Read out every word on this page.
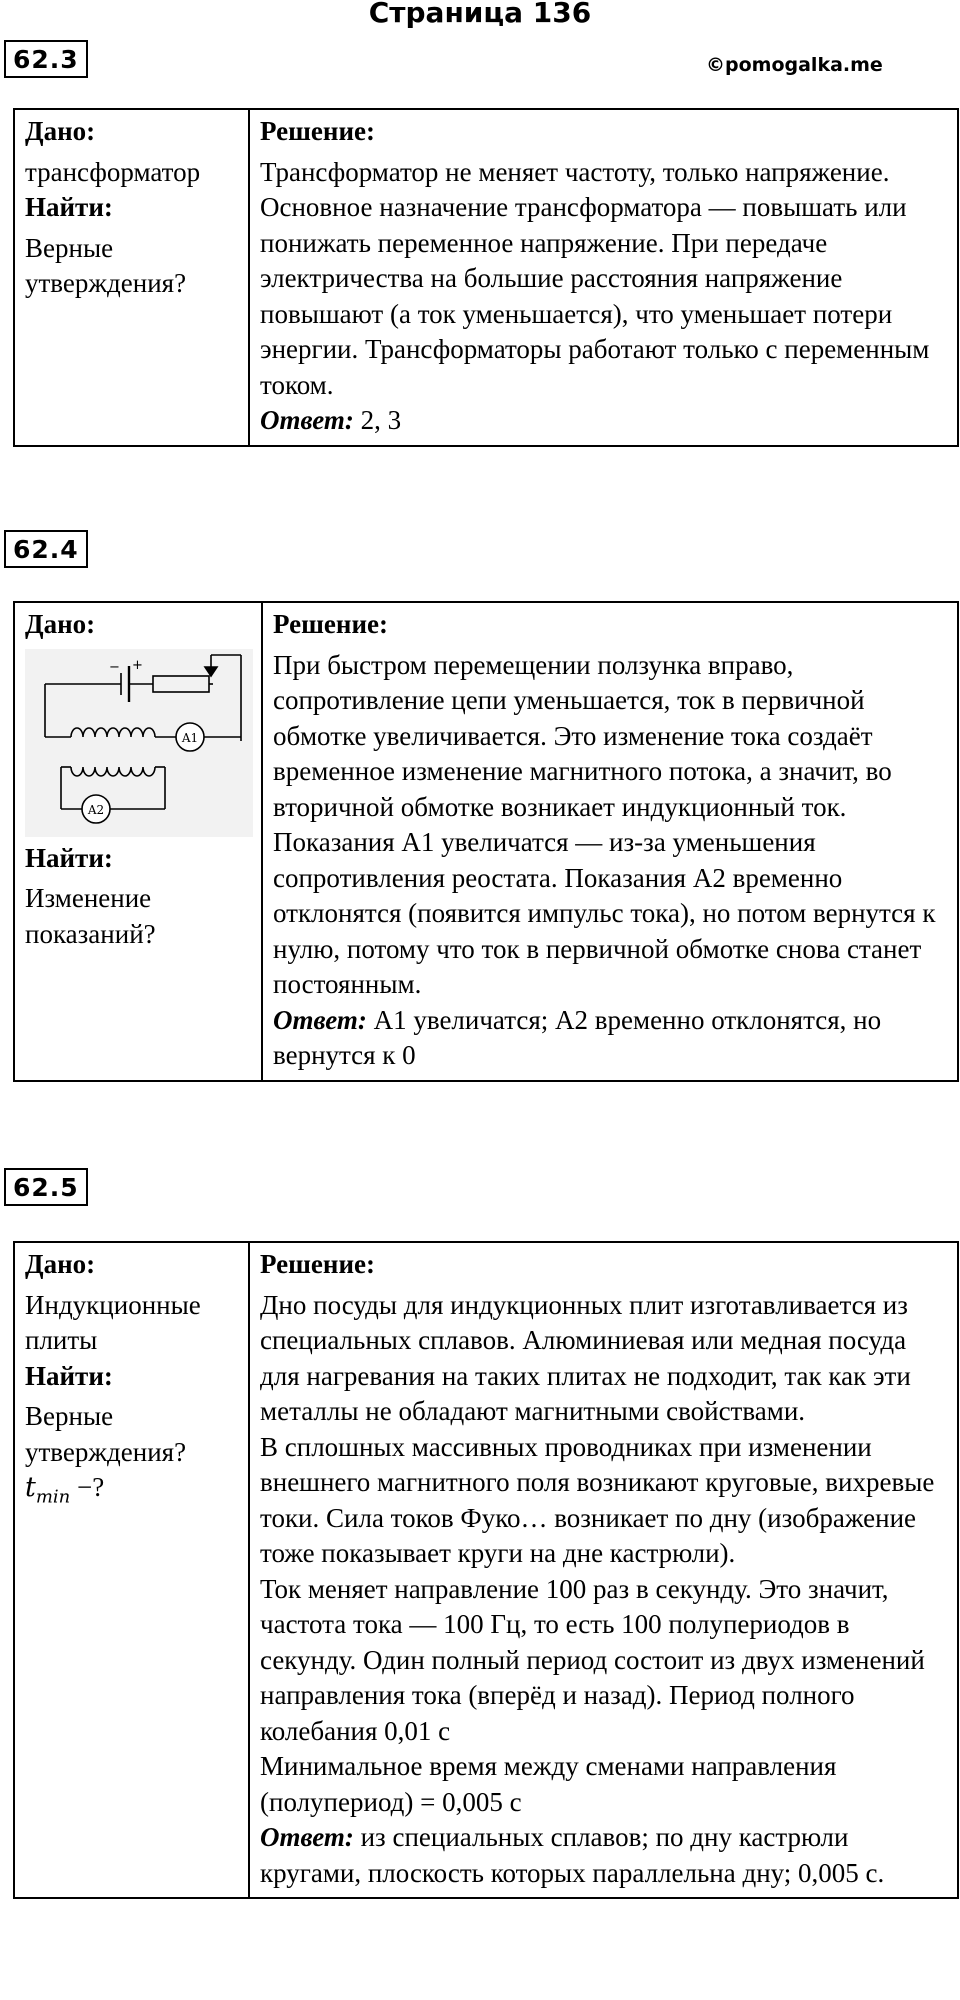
Страница 136
©pomogalka.me
62.3
Дано:
трансформатор
Найти:
Верные утверждения?

Решение:
Трансформатор не меняет частоту, только напряжение. Основное назначение трансформатора — повышать или понижать переменное напряжение. При передаче электричества на большие расстояния напряжение повышают (а ток уменьшается), что уменьшает потери энергии. Трансформаторы работают только с переменным током.
Ответ: 2, 3
62.4
Дано:
− +
A1
A2
Найти:
Изменение показаний?

Решение:
При быстром перемещении ползунка вправо, сопротивление цепи уменьшается, ток в первичной обмотке увеличивается. Это изменение тока создаёт временное изменение магнитного потока, а значит, во вторичной обмотке возникает индукционный ток. Показания A1 увеличатся — из-за уменьшения сопротивления реостата. Показания A2 временно отклонятся (появится импульс тока), но потом вернутся к нулю, потому что ток в первичной обмотке снова станет постоянным.
Ответ: A1 увеличатся; A2 временно отклонятся, но вернутся к 0
62.5
Дано:
Индукционные плиты
Найти:
Верные утверждения?
$t_{min}$ −?

Решение:
Дно посуды для индукционных плит изготавливается из специальных сплавов. Алюминиевая или медная посуда для нагревания на таких плитах не подходит, так как эти металлы не обладают магнитными свойствами.
В сплошных массивных проводниках при изменении внешнего магнитного поля возникают круговые, вихревые токи. Сила токов Фуко… возникает по дну (изображение тоже показывает круги на дне кастрюли).
Ток меняет направление 100 раз в секунду. Это значит, частота тока — 100 Гц, то есть 100 полупериодов в секунду. Один полный период состоит из двух изменений направления тока (вперёд и назад). Период полного колебания 0,01 с
Минимальное время между сменами направления (полупериод) = 0,005 с
Ответ: из специальных сплавов; по дну кастрюли кругами, плоскость которых параллельна дну; 0,005 с.
